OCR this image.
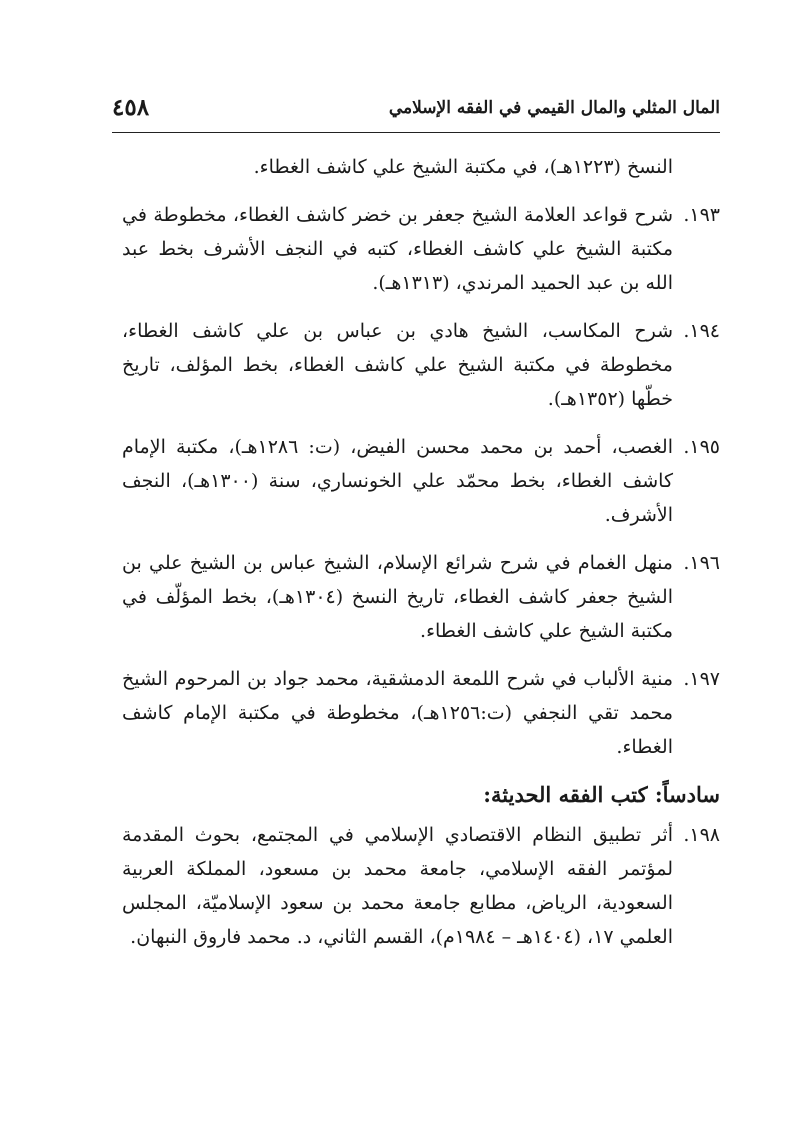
٤٥٨	المال المثلي والمال القيمي في الفقه الإسلامي
النسخ (١٢٢٣هـ)، في مكتبة الشيخ علي كاشف الغطاء.
١٩٣.
شرح قواعد العلامة الشيخ جعفر بن خضر كاشف الغطاء، مخطوطة في مكتبة الشيخ علي كاشف الغطاء، كتبه في النجف الأشرف بخط عبد الله بن عبد الحميد المرندي، (١٣١٣هـ).
١٩٤.
شرح المكاسب، الشيخ هادي بن عباس بن علي كاشف الغطاء، مخطوطة في مكتبة الشيخ علي كاشف الغطاء، بخط المؤلف، تاريخ خطّها (١٣٥٢هـ).
١٩٥.
الغصب، أحمد بن محمد محسن الفيض، (ت: ١٢٨٦هـ)، مكتبة الإمام كاشف الغطاء، بخط محمّد علي الخونساري، سنة (١٣٠٠هـ)، النجف الأشرف.
١٩٦.
منهل الغمام في شرح شرائع الإسلام، الشيخ عباس بن الشيخ علي بن الشيخ جعفر كاشف الغطاء، تاريخ النسخ (١٣٠٤هـ)، بخط المؤلّف في مكتبة الشيخ علي كاشف الغطاء.
١٩٧.
منية الألباب في شرح اللمعة الدمشقية، محمد جواد بن المرحوم الشيخ محمد تقي النجفي (ت:١٢٥٦هـ)، مخطوطة في مكتبة الإمام كاشف الغطاء.
سادساً: كتب الفقه الحديثة:
١٩٨.
أثر تطبيق النظام الاقتصادي الإسلامي في المجتمع، بحوث المقدمة لمؤتمر الفقه الإسلامي، جامعة محمد بن مسعود، المملكة العربية السعودية، الرياض، مطابع جامعة محمد بن سعود الإسلاميّة، المجلس العلمي ١٧، (١٤٠٤هـ – ١٩٨٤م)، القسم الثاني، د. محمد فاروق النبهان.
